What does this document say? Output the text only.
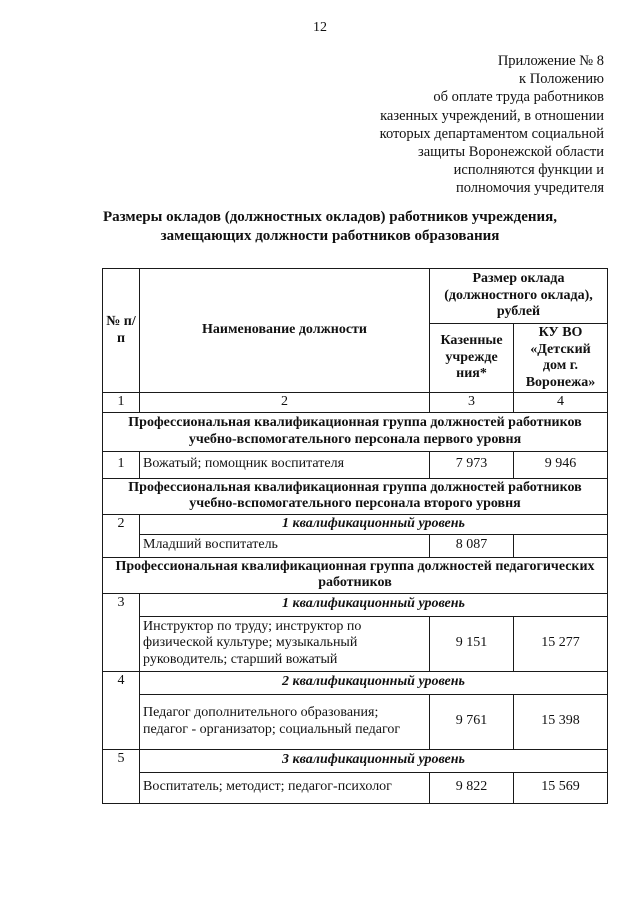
12
Приложение № 8
к Положению
об оплате труда работников
казенных учреждений, в отношении
которых департаментом социальной
защиты Воронежской области
исполняются функции и
полномочия учредителя
Размеры окладов (должностных окладов) работников учреждения,
замещающих должности работников образования
№ п/п	Наименование должности	Размер оклада (должностного оклада), рублей	
		Казенные учрежде ния*	КУ ВО «Детский дом г. Воронежа»
1	2	3	4
Профессиональная квалификационная группа должностей работников учебно-вспомогательного персонала первого уровня			
1	Вожатый; помощник воспитателя	7 973	9 946
Профессиональная квалификационная группа должностей работников учебно-вспомогательного персонала второго уровня			
2	1 квалификационный уровень		
	Младший воспитатель	8 087	
Профессиональная квалификационная группа должностей педагогических работников			
3	1 квалификационный уровень		
	Инструктор по труду; инструктор по физической культуре; музыкальный руководитель; старший вожатый	9 151	15 277
4	2 квалификационный уровень		
	Педагог дополнительного образования; педагог - организатор; социальный педагог	9 761	15 398
5	3 квалификационный уровень		
	Воспитатель; методист; педагог-психолог	9 822	15 569
